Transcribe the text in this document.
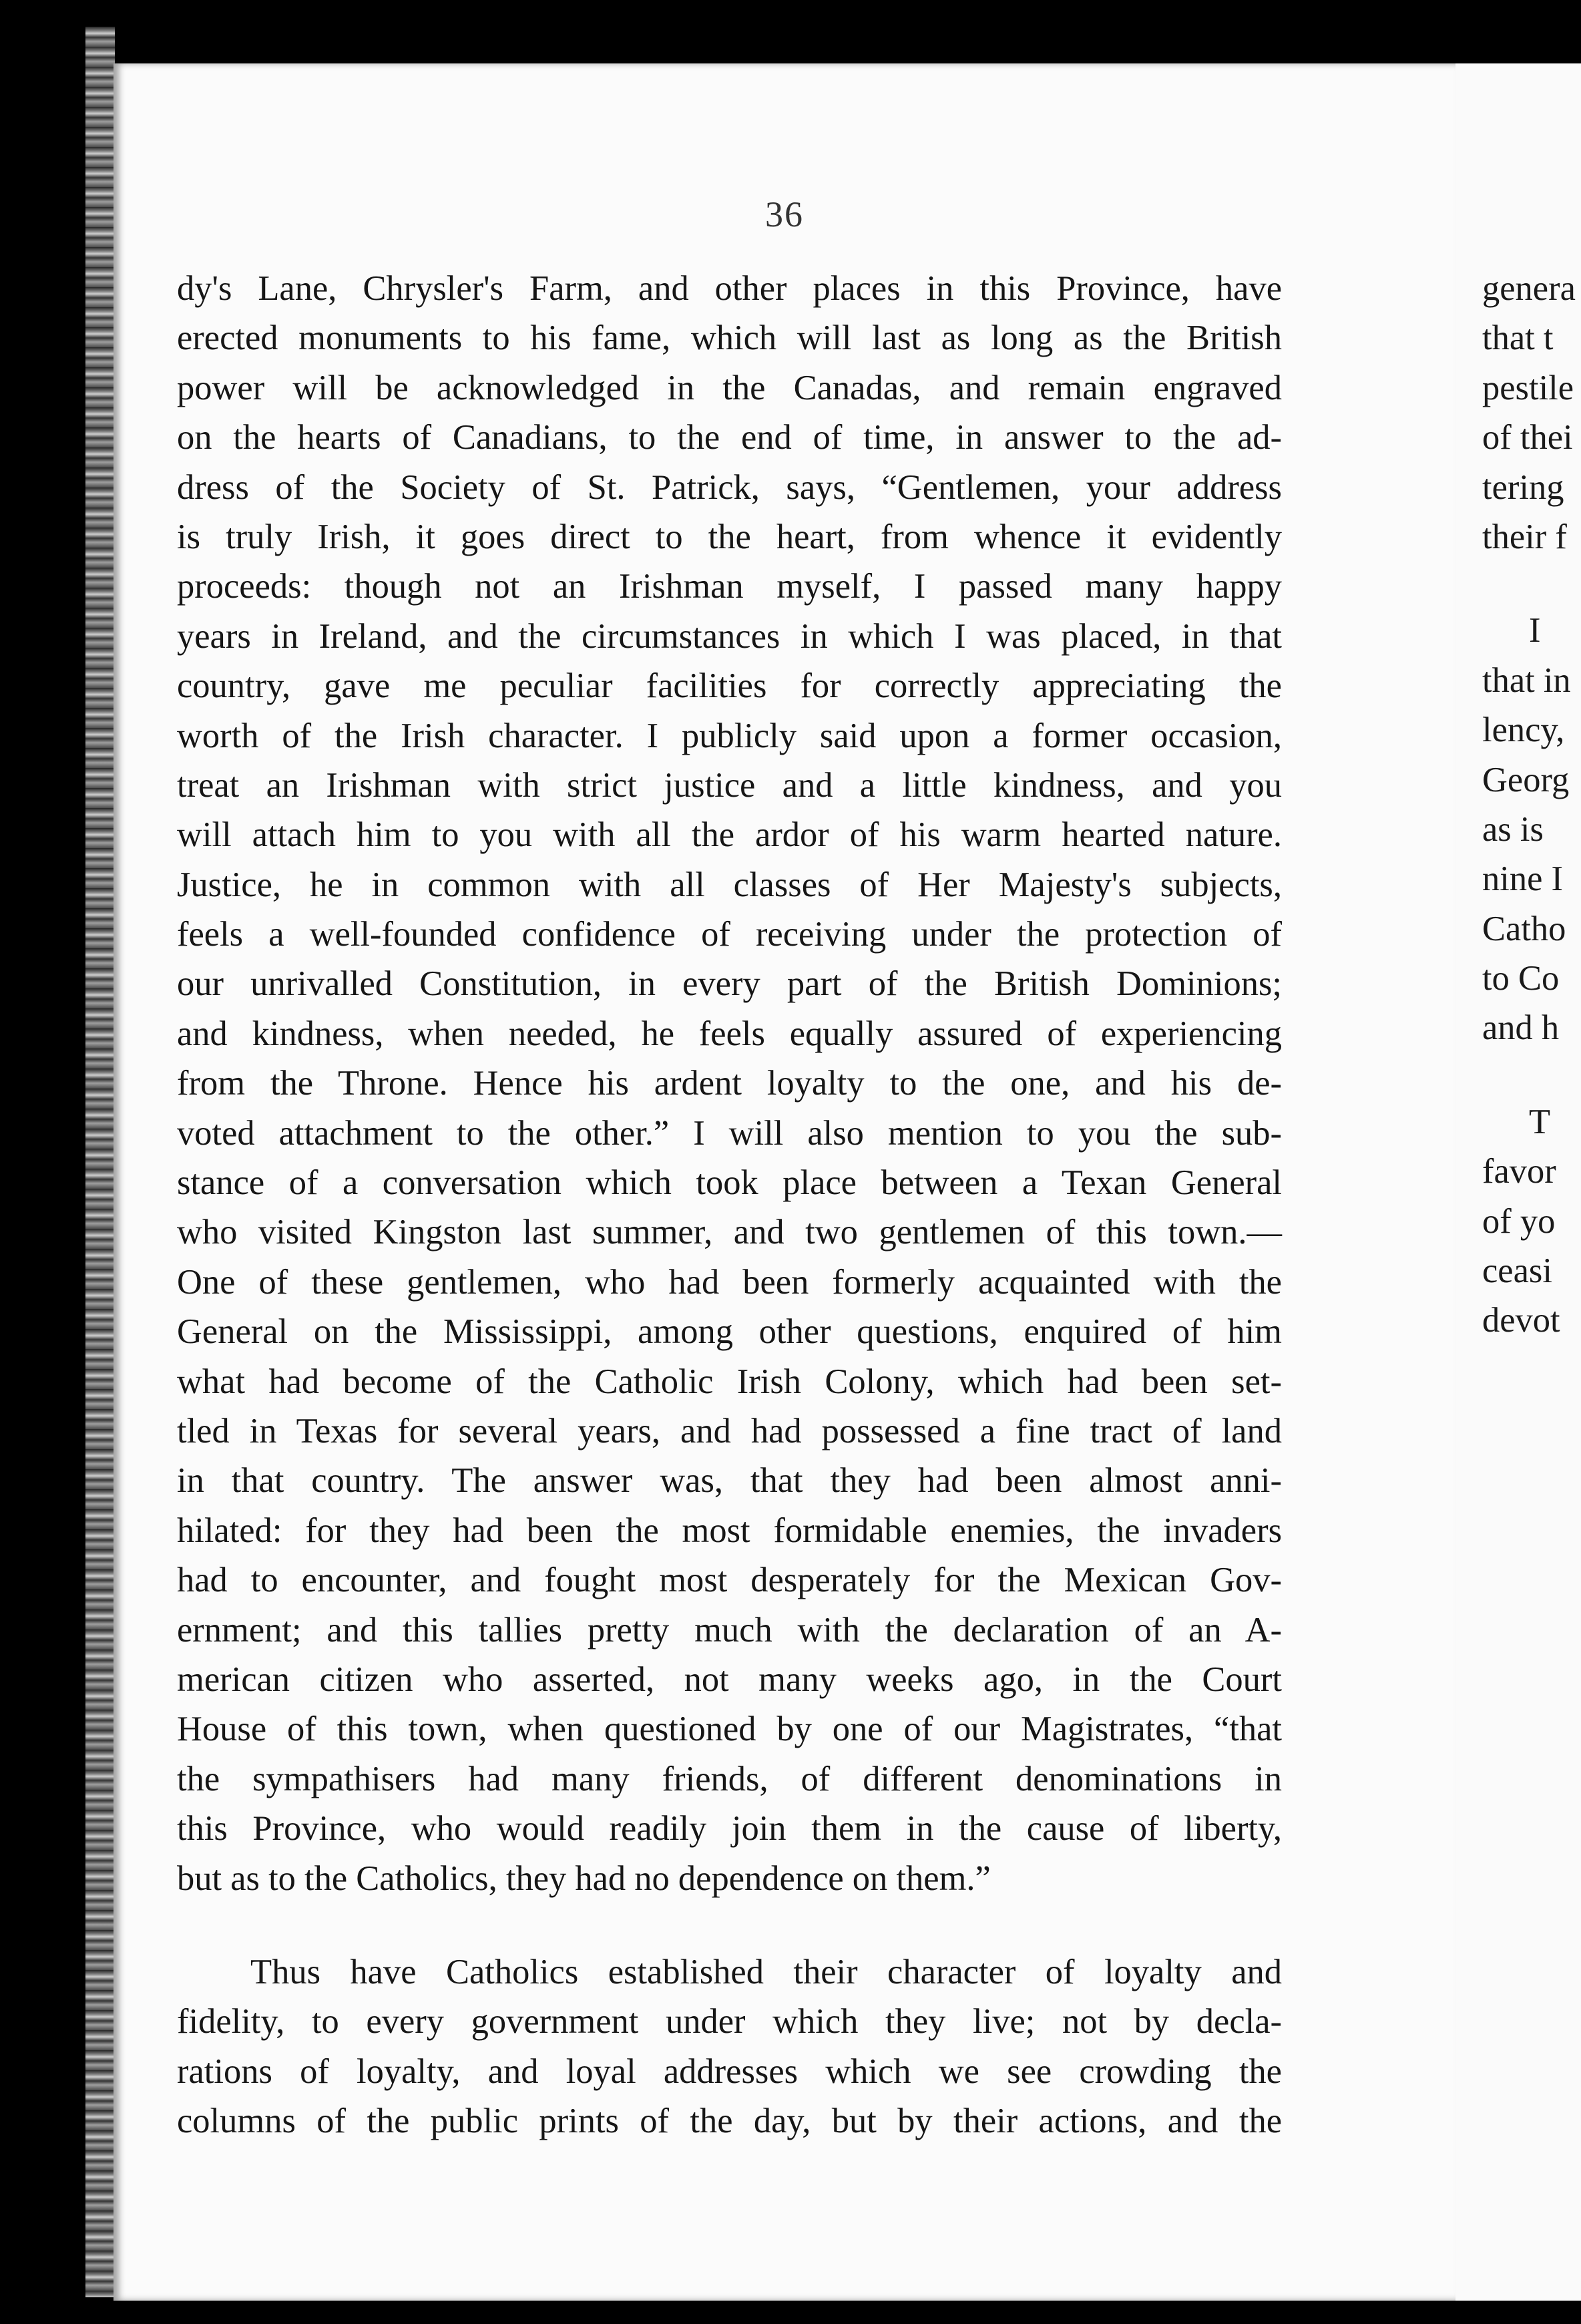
36
dy's Lane, Chrysler's Farm, and other places in this Province, have
erected monuments to his fame, which will last as long as the British
power will be acknowledged in the Canadas, and remain engraved
on the hearts of Canadians, to the end of time, in answer to the ad-
dress of the Society of St. Patrick, says, “Gentlemen, your address
is truly Irish, it goes direct to the heart, from whence it evidently
proceeds: though not an Irishman myself, I passed many happy
years in Ireland, and the circumstances in which I was placed, in that
country, gave me peculiar facilities for correctly appreciating the
worth of the Irish character. I publicly said upon a former occasion,
treat an Irishman with strict justice and a little kindness, and you
will attach him to you with all the ardor of his warm hearted nature.
Justice, he in common with all classes of Her Majesty's subjects,
feels a well-founded confidence of receiving under the protection of
our unrivalled Constitution, in every part of the British Dominions;
and kindness, when needed, he feels equally assured of experiencing
from the Throne. Hence his ardent loyalty to the one, and his de-
voted attachment to the other.” I will also mention to you the sub-
stance of a conversation which took place between a Texan General
who visited Kingston last summer, and two gentlemen of this town.—
One of these gentlemen, who had been formerly acquainted with the
General on the Mississippi, among other questions, enquired of him
what had become of the Catholic Irish Colony, which had been set-
tled in Texas for several years, and had possessed a fine tract of land
in that country. The answer was, that they had been almost anni-
hilated: for they had been the most formidable enemies, the invaders
had to encounter, and fought most desperately for the Mexican Gov-
ernment; and this tallies pretty much with the declaration of an A-
merican citizen who asserted, not many weeks ago, in the Court
House of this town, when questioned by one of our Magistrates, “that
the sympathisers had many friends, of different denominations in
this Province, who would readily join them in the cause of liberty,
but as to the Catholics, they had no dependence on them.”
Thus have Catholics established their character of loyalty and
fidelity, to every government under which they live; not by decla-
rations of loyalty, and loyal addresses which we see crowding the
columns of the public prints of the day, but by their actions, and the
genera
that t
pestile
of thei
tering
their f
I
that in
lency,
Georg
as is
nine I
Catho
to Co
and h
T
favor
of yo
ceasi
devot
